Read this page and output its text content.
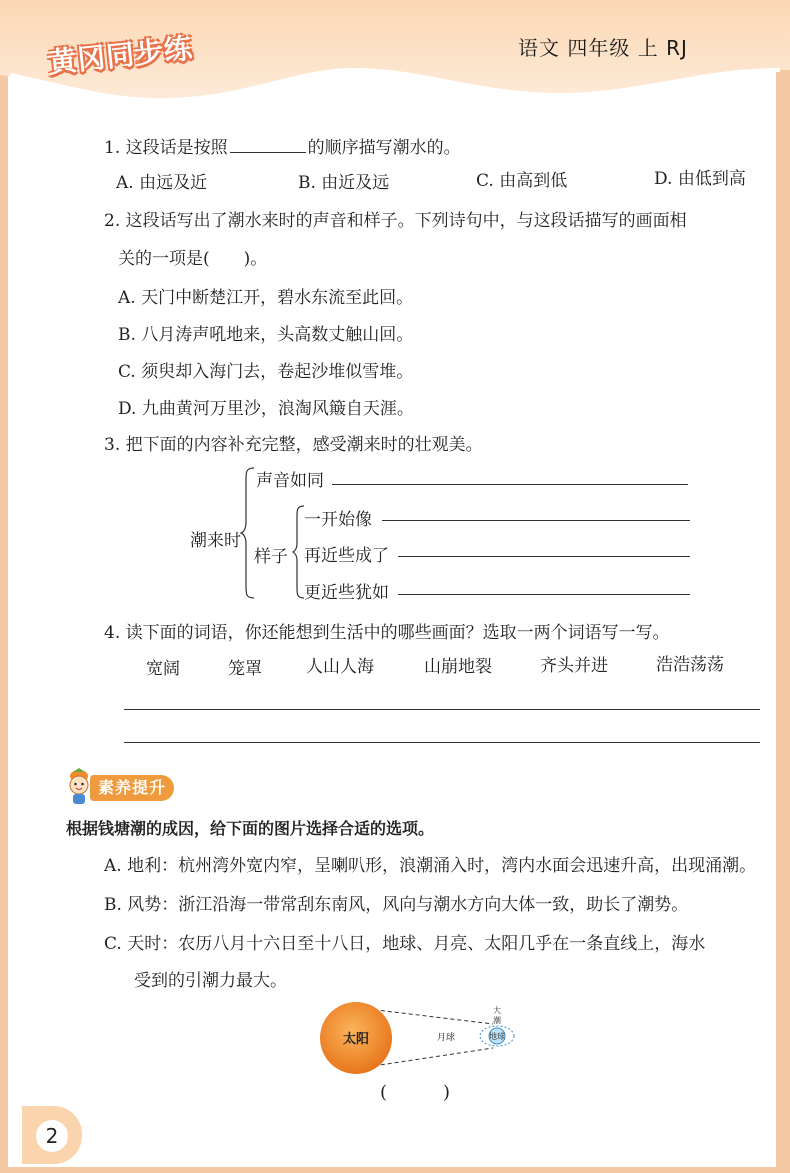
黄冈同步练	语文 四年级 上 RJ
1. 这段话是按照	的顺序描写潮水的。
A. 由远及近	B. 由近及远	C. 由高到低	D. 由低到高
2. 这段话写出了潮水来时的声音和样子。下列诗句中，与这段话描写的画面相
关的一项是( )。
A. 天门中断楚江开，碧水东流至此回。
B. 八月涛声吼地来，头高数丈触山回。
C. 须臾却入海门去，卷起沙堆似雪堆。
D. 九曲黄河万里沙，浪淘风簸自天涯。
3. 把下面的内容补充完整，感受潮来时的壮观美。
潮来时
声音如同
样子
一开始像
再近些成了
更近些犹如
4. 读下面的词语，你还能想到生活中的哪些画面？选取一两个词语写一写。
宽阔	笼罩	人山人海	山崩地裂	齐头并进	浩浩荡荡
素养提升
根据钱塘潮的成因，给下面的图片选择合适的选项。
A. 地利：杭州湾外宽内窄，呈喇叭形，浪潮涌入时，湾内水面会迅速升高，出现涌潮。
B. 风势：浙江沿海一带常刮东南风，风向与潮水方向大体一致，助长了潮势。
C. 天时：农历八月十六日至十八日，地球、月亮、太阳几乎在一条直线上，海水
受到的引潮力最大。
太阳	月球	地球
大
潮
(	)
2
